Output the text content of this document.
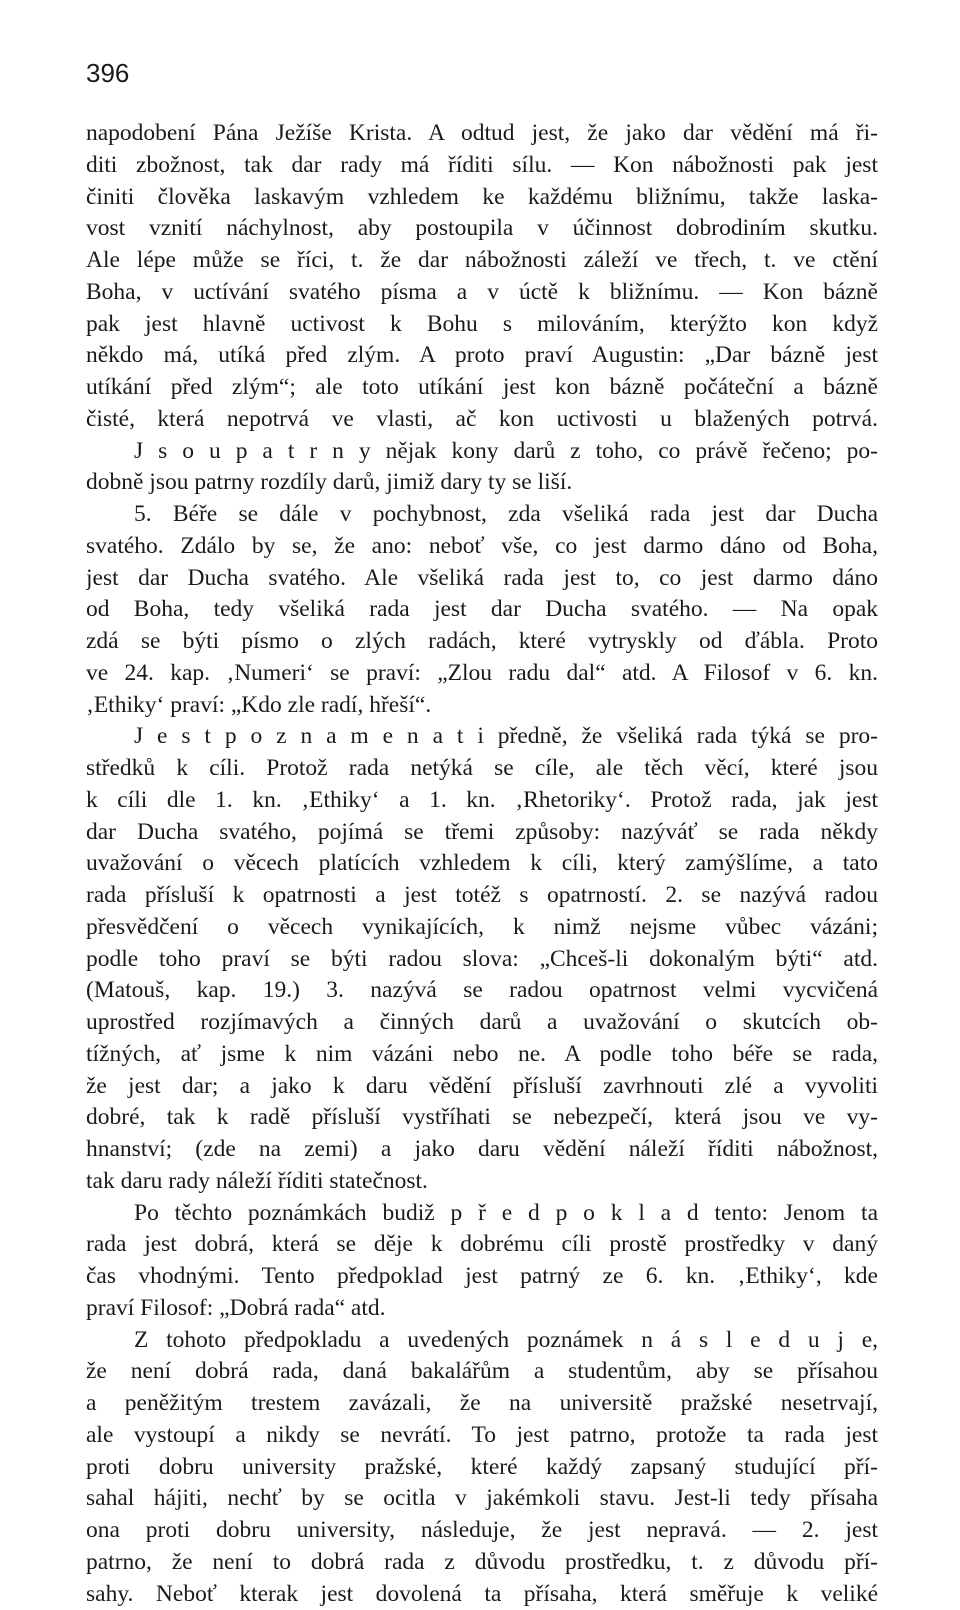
396
napodobení Pána Ježíše Krista. A odtud jest, že jako dar vědění má ři-
diti zbožnost, tak dar rady má říditi sílu. — Kon nábožnosti pak jest
činiti člověka laskavým vzhledem ke každému bližnímu, takže laska-
vost vznití náchylnost, aby postoupila v účinnost dobrodiním skutku.
Ale lépe může se říci, t. že dar nábožnosti záleží ve třech, t. ve ctění
Boha, v uctívání svatého písma a v úctě k bližnímu. — Kon bázně
pak jest hlavně uctivost k Bohu s milováním, kterýžto kon když
někdo má, utíká před zlým. A proto praví Augustin: „Dar bázně jest
utíkání před zlým“; ale toto utíkání jest kon bázně počáteční a bázně
čisté, která nepotrvá ve vlasti, ač kon uctivosti u blažených potrvá.
J s o u p a t r n y nějak kony darů z toho, co právě řečeno; po-
dobně jsou patrny rozdíly darů, jimiž dary ty se liší.
5. Béře se dále v pochybnost, zda všeliká rada jest dar Ducha
svatého. Zdálo by se, že ano: neboť vše, co jest darmo dáno od Boha,
jest dar Ducha svatého. Ale všeliká rada jest to, co jest darmo dáno
od Boha, tedy všeliká rada jest dar Ducha svatého. — Na opak
zdá se býti písmo o zlých radách, které vytryskly od ďábla. Proto
ve 24. kap. ‚Numeri‘ se praví: „Zlou radu dal“ atd. A Filosof v 6. kn.
‚Ethiky‘ praví: „Kdo zle radí, hřeší“.
J e s t p o z n a m e n a t i předně, že všeliká rada týká se pro-
středků k cíli. Protož rada netýká se cíle, ale těch věcí, které jsou
k cíli dle 1. kn. ‚Ethiky‘ a 1. kn. ‚Rhetoriky‘. Protož rada, jak jest
dar Ducha svatého, pojímá se třemi způsoby: nazýváť se rada někdy
uvažování o věcech platících vzhledem k cíli, který zamýšlíme, a tato
rada přísluší k opatrnosti a jest totéž s opatrností. 2. se nazývá radou
přesvědčení o věcech vynikajících, k nimž nejsme vůbec vázáni;
podle toho praví se býti radou slova: „Chceš-li dokonalým býti“ atd.
(Matouš, kap. 19.) 3. nazývá se radou opatrnost velmi vycvičená
uprostřed rozjímavých a činných darů a uvažování o skutcích ob-
tížných, ať jsme k nim vázáni nebo ne. A podle toho béře se rada,
že jest dar; a jako k daru vědění přísluší zavrhnouti zlé a vyvoliti
dobré, tak k radě přísluší vystříhati se nebezpečí, která jsou ve vy-
hnanství; (zde na zemi) a jako daru vědění náleží říditi nábožnost,
tak daru rady náleží říditi statečnost.
Po těchto poznámkách budiž p ř e d p o k l a d tento: Jenom ta
rada jest dobrá, která se děje k dobrému cíli prostě prostředky v daný
čas vhodnými. Tento předpoklad jest patrný ze 6. kn. ‚Ethiky‘, kde
praví Filosof: „Dobrá rada“ atd.
Z tohoto předpokladu a uvedených poznámek n á s l e d u j e,
že není dobrá rada, daná bakalářům a studentům, aby se přísahou
a peněžitým trestem zavázali, že na universitě pražské nesetrvají,
ale vystoupí a nikdy se nevrátí. To jest patrno, protože ta rada jest
proti dobru university pražské, které každý zapsaný studující pří-
sahal hájiti, nechť by se ocitla v jakémkoli stavu. Jest-li tedy přísaha
ona proti dobru university, následuje, že jest nepravá. — 2. jest
patrno, že není to dobrá rada z důvodu prostředku, t. z důvodu pří-
sahy. Neboť kterak jest dovolená ta přísaha, která směřuje k veliké
